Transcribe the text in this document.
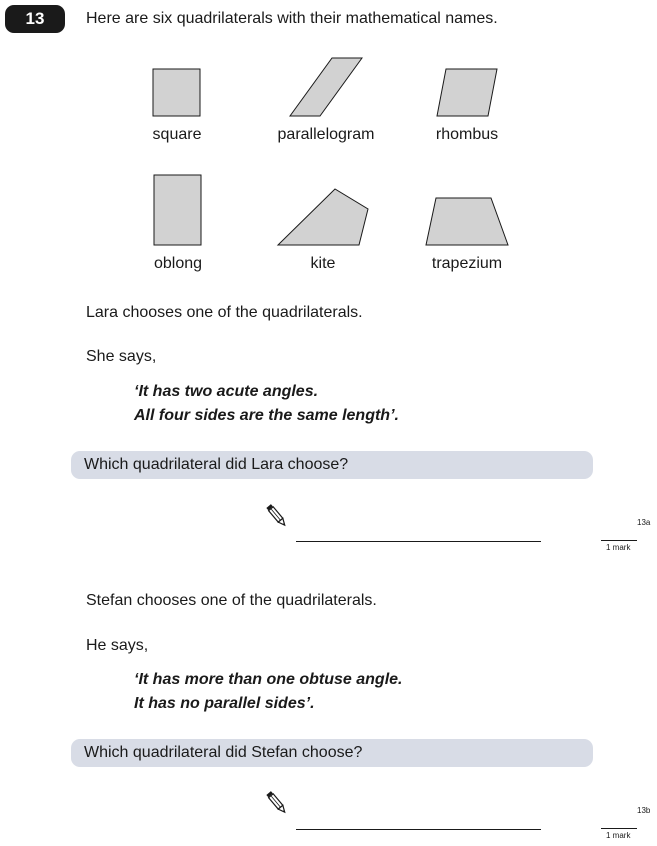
13	Here are six quadrilaterals with their mathematical names.
square	parallelogram	rhombus
oblong	kite	trapezium
Lara chooses one of the quadrilaterals.
She says,
‘It has two acute angles.
All four sides are the same length’.
Which quadrilateral did Lara choose?
13a
1 mark
Stefan chooses one of the quadrilaterals.
He says,
‘It has more than one obtuse angle.
It has no parallel sides’.
Which quadrilateral did Stefan choose?
13b
1 mark
